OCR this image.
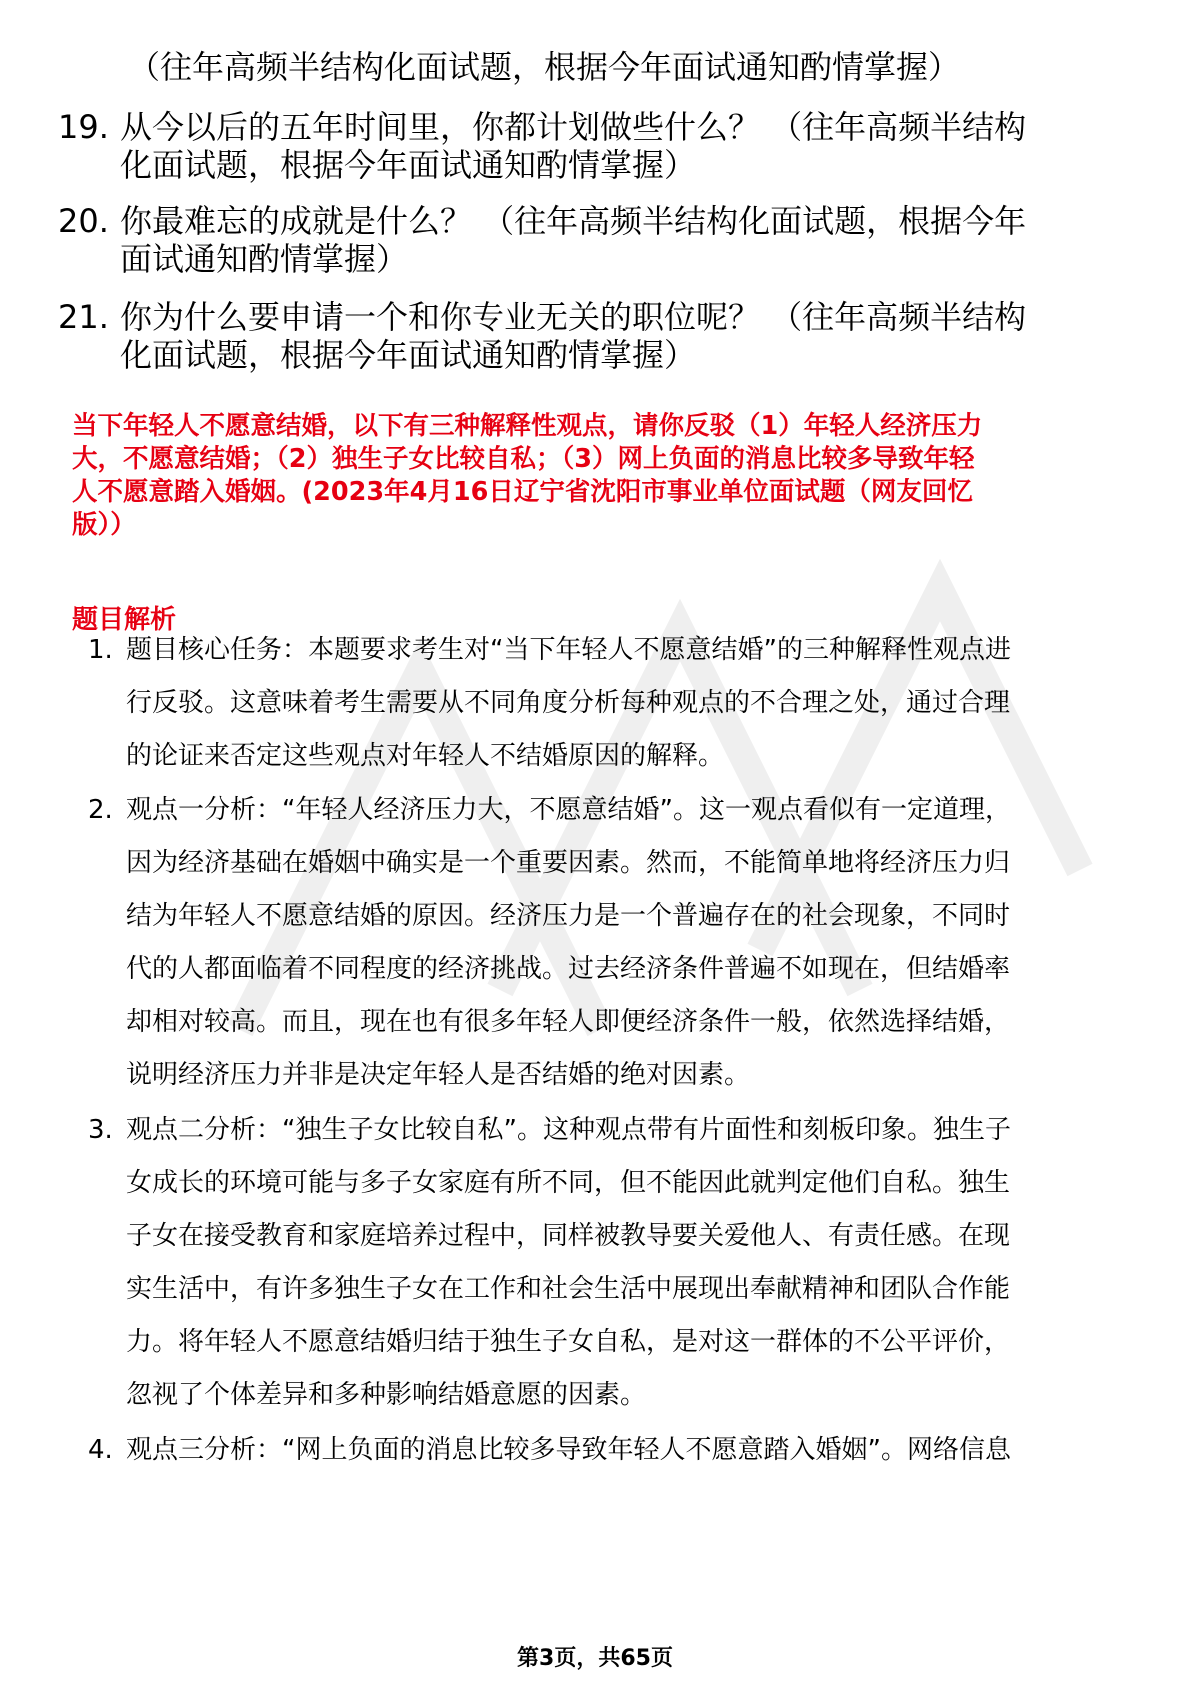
（往年高频半结构化面试题，根据今年面试通知酌情掌握）
19. 从今以后的五年时间里，你都计划做些什么？ （往年高频半结构
化面试题，根据今年面试通知酌情掌握）
20. 你最难忘的成就是什么？ （往年高频半结构化面试题，根据今年
面试通知酌情掌握）
21. 你为什么要申请一个和你专业无关的职位呢？ （往年高频半结构
化面试题，根据今年面试通知酌情掌握）
当下年轻人不愿意结婚，以下有三种解释性观点，请你反驳（1）年轻人经济压力
大，不愿意结婚；（2）独生子女比较自私；（3）网上负面的消息比较多导致年轻
人不愿意踏入婚姻。(2023年4月16日辽宁省沈阳市事业单位面试题（网友回忆
版））
题目解析
1. 题目核心任务：本题要求考生对“当下年轻人不愿意结婚”的三种解释性观点进
行反驳。这意味着考生需要从不同角度分析每种观点的不合理之处，通过合理
的论证来否定这些观点对年轻人不结婚原因的解释。
2. 观点一分析：“年轻人经济压力大，不愿意结婚”。这一观点看似有一定道理，
因为经济基础在婚姻中确实是一个重要因素。然而，不能简单地将经济压力归
结为年轻人不愿意结婚的原因。经济压力是一个普遍存在的社会现象，不同时
代的人都面临着不同程度的经济挑战。过去经济条件普遍不如现在，但结婚率
却相对较高。而且，现在也有很多年轻人即便经济条件一般，依然选择结婚，
说明经济压力并非是决定年轻人是否结婚的绝对因素。
3. 观点二分析：“独生子女比较自私”。这种观点带有片面性和刻板印象。独生子
女成长的环境可能与多子女家庭有所不同，但不能因此就判定他们自私。独生
子女在接受教育和家庭培养过程中，同样被教导要关爱他人、有责任感。在现
实生活中，有许多独生子女在工作和社会生活中展现出奉献精神和团队合作能
力。将年轻人不愿意结婚归结于独生子女自私，是对这一群体的不公平评价，
忽视了个体差异和多种影响结婚意愿的因素。
4. 观点三分析：“网上负面的消息比较多导致年轻人不愿意踏入婚姻”。网络信息
第3页，共65页
